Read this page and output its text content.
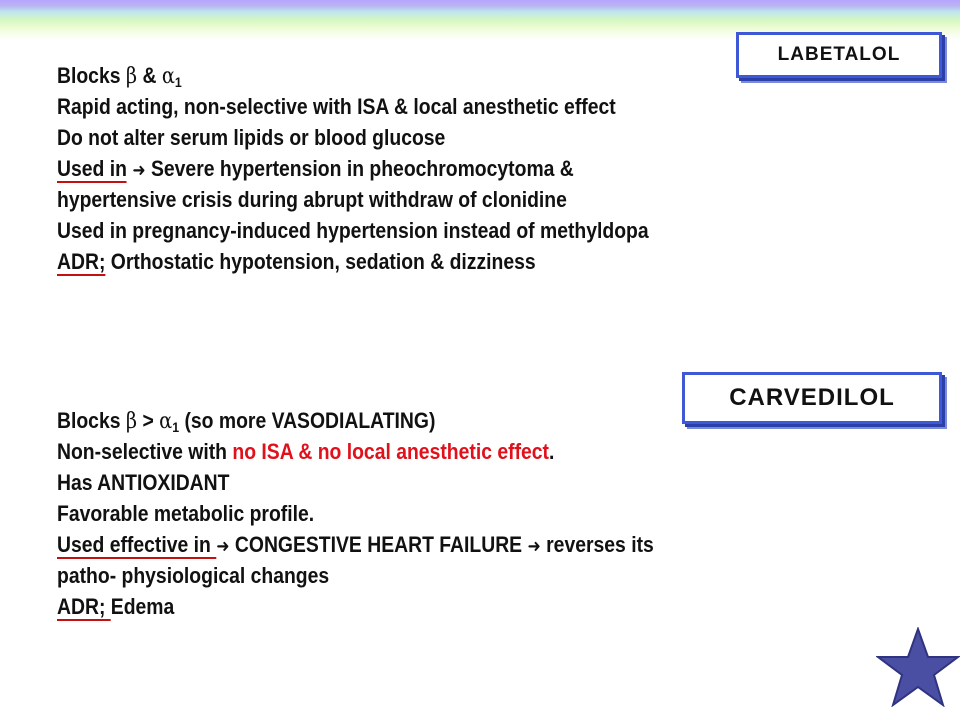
LABETALOL
Blocks β & $\alpha_1$
Rapid acting, non-selective with ISA & local anesthetic effect
Do not alter serum lipids or blood glucose
Used in ➜ Severe hypertension in pheochromocytoma &
hypertensive crisis during abrupt withdraw of clonidine
Used in pregnancy-induced hypertension instead of methyldopa
ADR; Orthostatic hypotension, sedation & dizziness
CARVEDILOL
Blocks $\beta > \alpha_1$ (so more VASODIALATING)
Non-selective with no ISA & no local anesthetic effect.
Has ANTIOXIDANT
Favorable metabolic profile.
Used effective in ➜ CONGESTIVE HEART FAILURE ➜ reverses its
patho- physiological changes
ADR; Edema
